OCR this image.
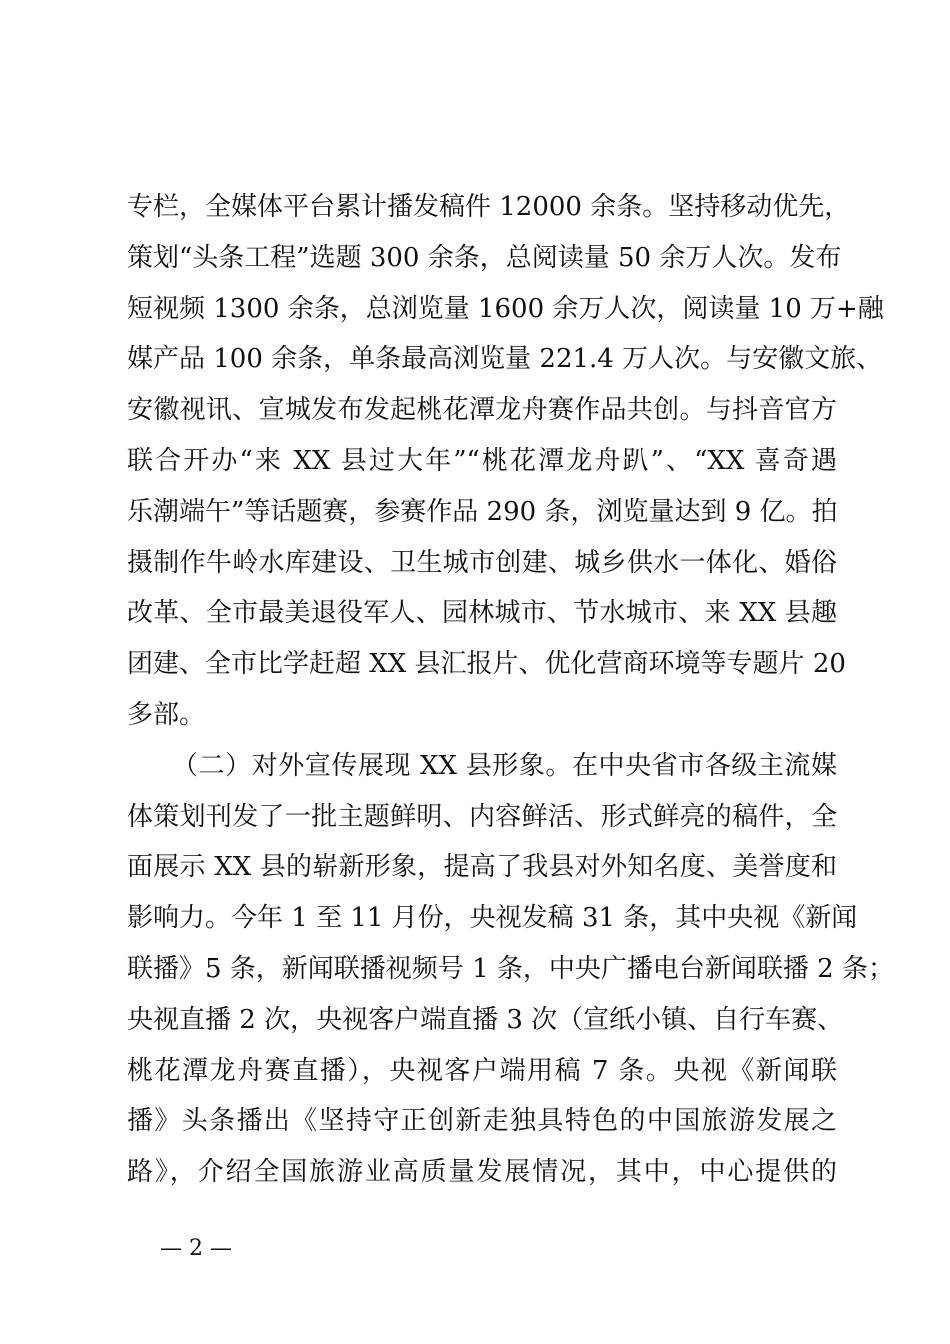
专栏，全媒体平台累计播发稿件 12000 余条。坚持移动优先，
策划“头条工程”选题 300 余条，总阅读量 50 余万人次。发布
短视频 1300 余条，总浏览量 1600 余万人次，阅读量 10 万+融
媒产品 100 余条，单条最高浏览量 221.4 万人次。与安徽文旅、
安徽视讯、宣城发布发起桃花潭龙舟赛作品共创。与抖音官方
联合开办“来 XX 县过大年”“桃花潭龙舟趴”、“XX 喜奇遇
乐潮端午”等话题赛，参赛作品 290 条，浏览量达到 9 亿。拍
摄制作牛岭水库建设、卫生城市创建、城乡供水一体化、婚俗
改革、全市最美退役军人、园林城市、节水城市、来 XX 县趣
团建、全市比学赶超 XX 县汇报片、优化营商环境等专题片 20
多部。
（二）对外宣传展现 XX 县形象。在中央省市各级主流媒
体策划刊发了一批主题鲜明、内容鲜活、形式鲜亮的稿件，全
面展示 XX 县的崭新形象，提高了我县对外知名度、美誉度和
影响力。今年 1 至 11 月份，央视发稿 31 条，其中央视《新闻
联播》5 条，新闻联播视频号 1 条，中央广播电台新闻联播 2 条；
央视直播 2 次，央视客户端直播 3 次（宣纸小镇、自行车赛、
桃花潭龙舟赛直播），央视客户端用稿 7 条。央视《新闻联
播》头条播出《坚持守正创新走独具特色的中国旅游发展之
路》，介绍全国旅游业高质量发展情况，其中，中心提供的
— 2 —
